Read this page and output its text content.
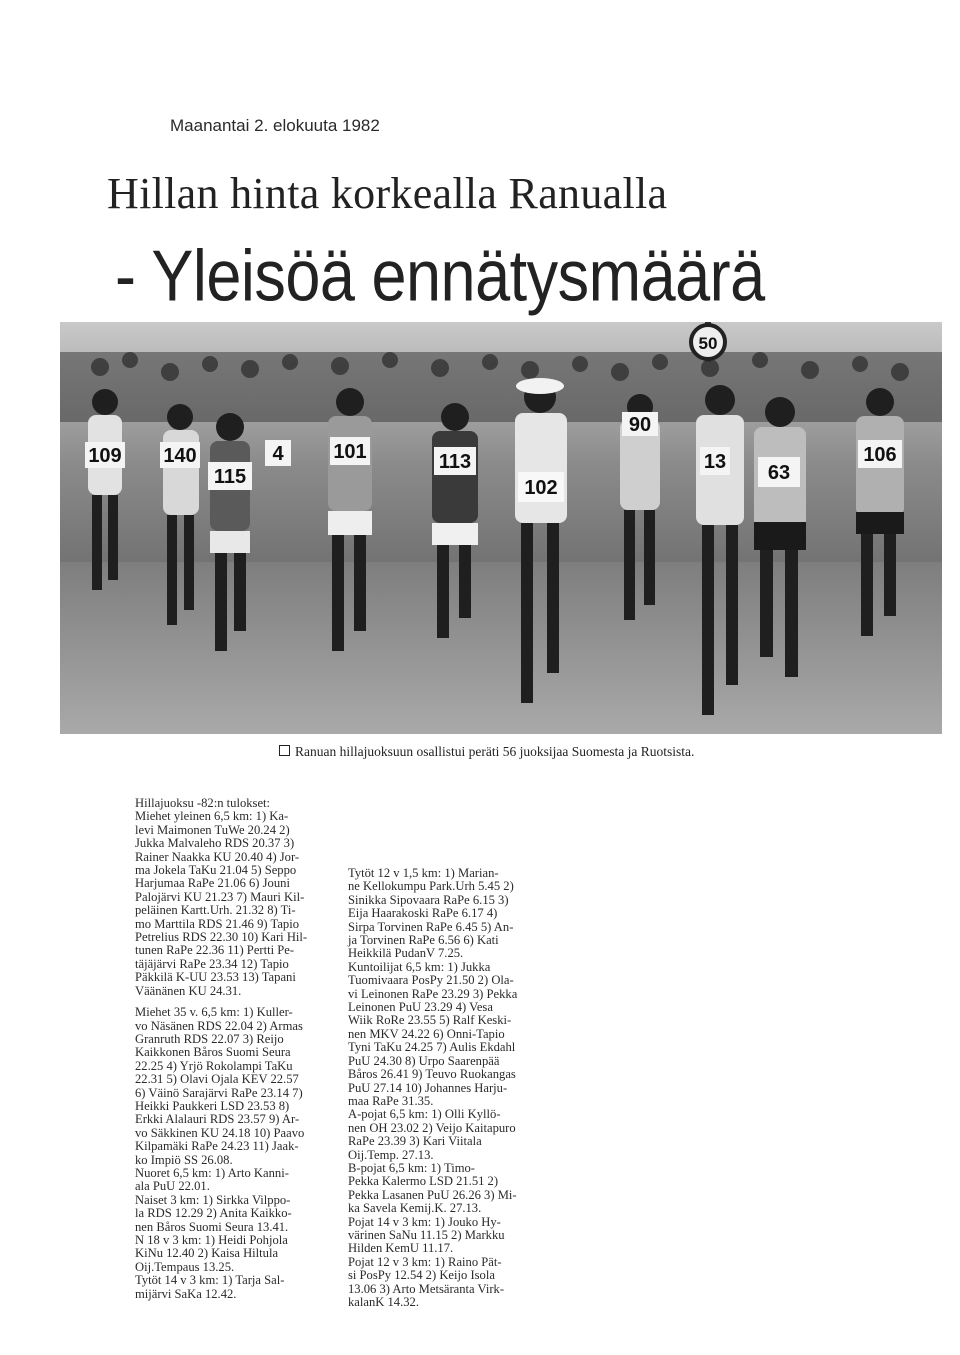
Maanantai 2. elokuuta 1982
Hillan hinta korkealla Ranualla
- Yleisöä ennätysmäärä
50
109 140
115
4 101	113
102
13
90
63
106
Ranuan hillajuoksuun osallistui peräti 56 juoksijaa Suomesta ja Ruotsista.

Hillajuoksu -82:n tulokset:

Miehet yleinen 6,5 km: 1) Ka-

levi Maimonen TuWe 20.24 2)

Jukka Malvaleho RDS 20.37 3)

Rainer Naakka KU 20.40 4) Jor-

ma Jokela TaKu 21.04 5) Seppo

Harjumaa RaPe 21.06 6) Jouni

Palojärvi KU 21.23 7) Mauri Kil-

peläinen Kartt.Urh. 21.32 8) Ti-

mo Marttila RDS 21.46 9) Tapio

Petrelius RDS 22.30 10) Kari Hil-

tunen RaPe 22.36 11) Pertti Pe-

täjäjärvi RaPe 23.34 12) Tapio

Päkkilä K-UU 23.53 13) Tapani

Väänänen KU 24.31.

Miehet 35 v. 6,5 km: 1) Kuller-

vo Näsänen RDS 22.04 2) Armas

Granruth RDS 22.07 3) Reijo

Kaikkonen Båros Suomi Seura

22.25 4) Yrjö Rokolampi TaKu

22.31 5) Olavi Ojala KEV 22.57

6) Väinö Sarajärvi RaPe 23.14 7)

Heikki Paukkeri LSD 23.53 8)

Erkki Alalauri RDS 23.57 9) Ar-

vo Säkkinen KU 24.18 10) Paavo

Kilpamäki RaPe 24.23 11) Jaak-

ko Impiö SS 26.08.

Nuoret 6,5 km: 1) Arto Kanni-

ala PuU 22.01.

Naiset 3 km: 1) Sirkka Vilppo-

la RDS 12.29 2) Anita Kaikko-

nen Båros Suomi Seura 13.41.

N 18 v 3 km: 1) Heidi Pohjola

KiNu 12.40 2) Kaisa Hiltula

Oij.Tempaus 13.25.

Tytöt 14 v 3 km: 1) Tarja Sal-

mijärvi SaKa 12.42.

Tytöt 12 v 1,5 km: 1) Marian-

ne Kellokumpu Park.Urh 5.45 2)

Sinikka Sipovaara RaPe 6.15 3)

Eija Haarakoski RaPe 6.17 4)

Sirpa Torvinen RaPe 6.45 5) An-

ja Torvinen RaPe 6.56 6) Kati

Heikkilä PudanV 7.25.

Kuntoilijat 6,5 km: 1) Jukka

Tuomivaara PosPy 21.50 2) Ola-

vi Leinonen RaPe 23.29 3) Pekka

Leinonen PuU 23.29 4) Vesa

Wiik RoRe 23.55 5) Ralf Keski-

nen MKV 24.22 6) Onni-Tapio

Tyni TaKu 24.25 7) Aulis Ekdahl

PuU 24.30 8) Urpo Saarenpää

Båros 26.41 9) Teuvo Ruokangas

PuU 27.14 10) Johannes Harju-

maa RaPe 31.35.

A-pojat 6,5 km: 1) Olli Kyllö-

nen OH 23.02 2) Veijo Kaitapuro

RaPe 23.39 3) Kari Viitala

Oij.Temp. 27.13.

B-pojat 6,5 km: 1) Timo-

Pekka Kalermo LSD 21.51 2)

Pekka Lasanen PuU 26.26 3) Mi-

ka Savela Kemij.K. 27.13.

Pojat 14 v 3 km: 1) Jouko Hy-

värinen SaNu 11.15 2) Markku

Hilden KemU 11.17.

Pojat 12 v 3 km: 1) Raino Pät-

si PosPy 12.54 2) Keijo Isola

13.06 3) Arto Metsäranta Virk-

kalanK 14.32.
